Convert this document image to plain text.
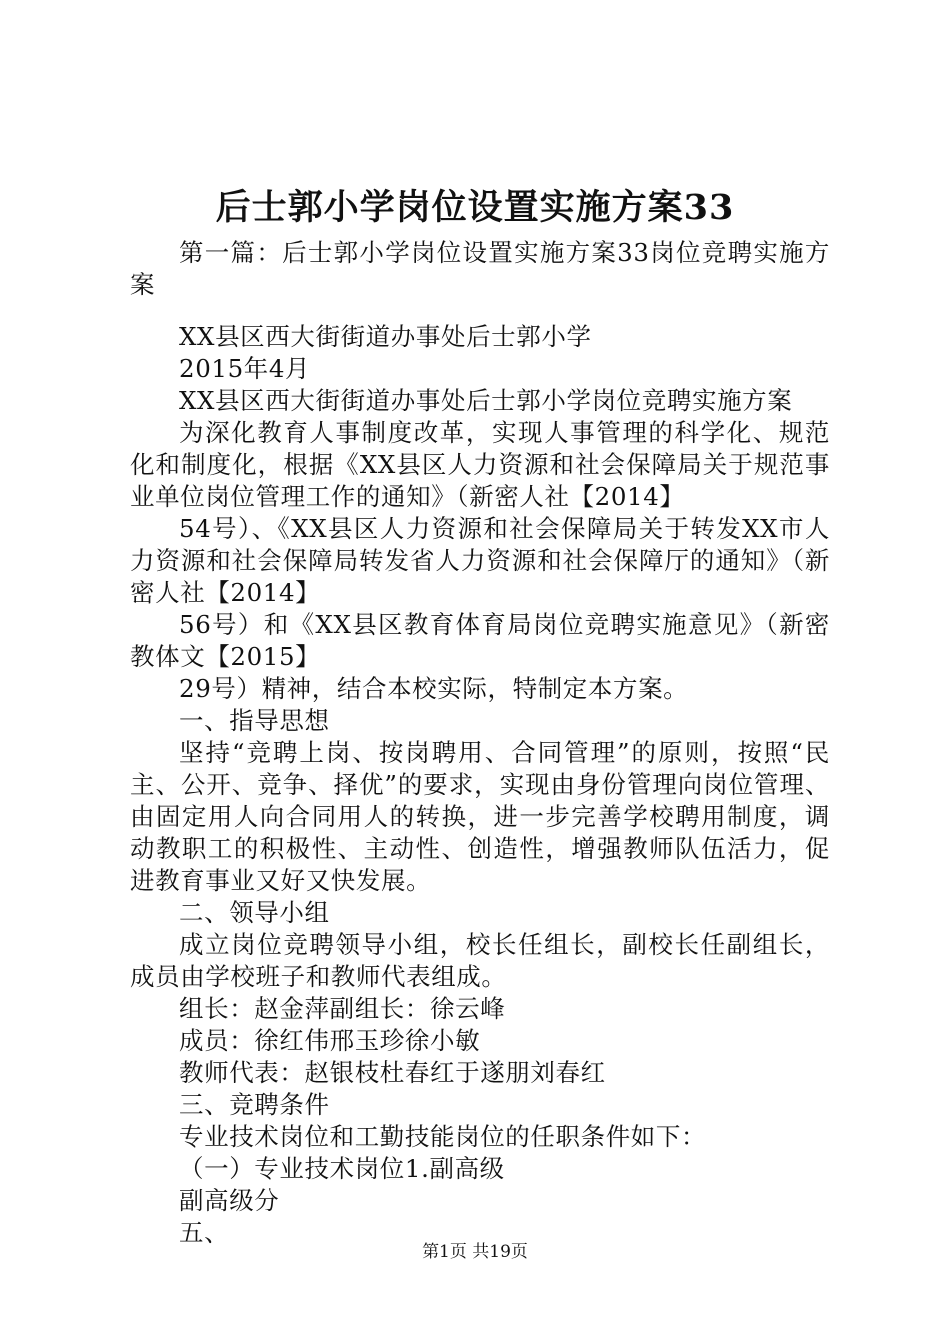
后士郭小学岗位设置实施方案33

第一篇：后士郭小学岗位设置实施方案33岗位竞聘实施方案

XX县区西大街街道办事处后士郭小学

2015年4月

XX县区西大街街道办事处后士郭小学岗位竞聘实施方案

为深化教育人事制度改革，实现人事管理的科学化、规范化和制度化，根据《XX县区人力资源和社会保障局关于规范事业单位岗位管理工作的通知》（新密人社【2014】

54号）、《XX县区人力资源和社会保障局关于转发XX市人力资源和社会保障局转发省人力资源和社会保障厅的通知》（新密人社【2014】

56号）和《XX县区教育体育局岗位竞聘实施意见》（新密教体文【2015】

29号）精神，结合本校实际，特制定本方案。

一、指导思想

坚持“竞聘上岗、按岗聘用、合同管理”的原则，按照“民主、公开、竞争、择优”的要求，实现由身份管理向岗位管理、由固定用人向合同用人的转换，进一步完善学校聘用制度，调动教职工的积极性、主动性、创造性，增强教师队伍活力，促进教育事业又好又快发展。

二、领导小组

成立岗位竞聘领导小组，校长任组长，副校长任副组长，成员由学校班子和教师代表组成。

组长：赵金萍副组长：徐云峰

成员：徐红伟邢玉珍徐小敏

教师代表：赵银枝杜春红于遂朋刘春红

三、竞聘条件

专业技术岗位和工勤技能岗位的任职条件如下：

（一）专业技术岗位1.副高级

副高级分

五、

第1页 共19页
